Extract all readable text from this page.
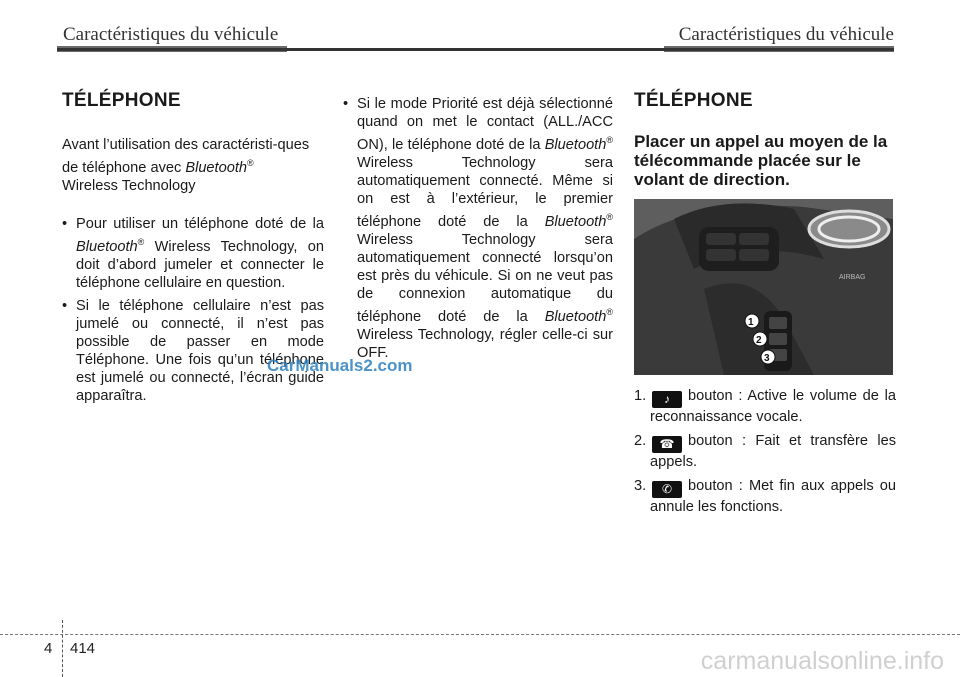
Caractéristiques du véhicule	Caractéristiques du véhicule
TÉLÉPHONE

Avant l’utilisation des caractéristi-ques de téléphone avec Bluetooth®
Wireless Technology

• Pour utiliser un téléphone doté de la Bluetooth® Wireless Technology, on doit d’abord jumeler et connecter le téléphone cellulaire en question.
• Si le téléphone cellulaire n’est pas jumelé ou connecté, il n’est pas possible de passer en mode Téléphone. Une fois qu’un téléphone est jumelé ou connecté, l’écran guide apparaîtra.
• Si le mode Priorité est déjà sélectionné quand on met le contact (ALL./ACC ON), le téléphone doté de la Bluetooth® Wireless Technology sera automatiquement connecté. Même si on est à l’extérieur, le premier téléphone doté de la Bluetooth® Wireless Technology sera automatiquement connecté lorsqu’on est près du véhicule. Si on ne veut pas de connexion automatique du téléphone doté de la Bluetooth® Wireless Technology, régler celle-ci sur OFF.
CarManuals2.com
TÉLÉPHONE
Placer un appel au moyen de la télécommande placée sur le volant de direction.
AIRBAG
1
2
3
1.	♪ bouton : Active le volume de la reconnaissance vocale.
2.	☎ bouton : Fait et transfère les appels.
3.	✆ bouton : Met fin aux appels ou annule les fonctions.
4 414	carmanualsonline.info
